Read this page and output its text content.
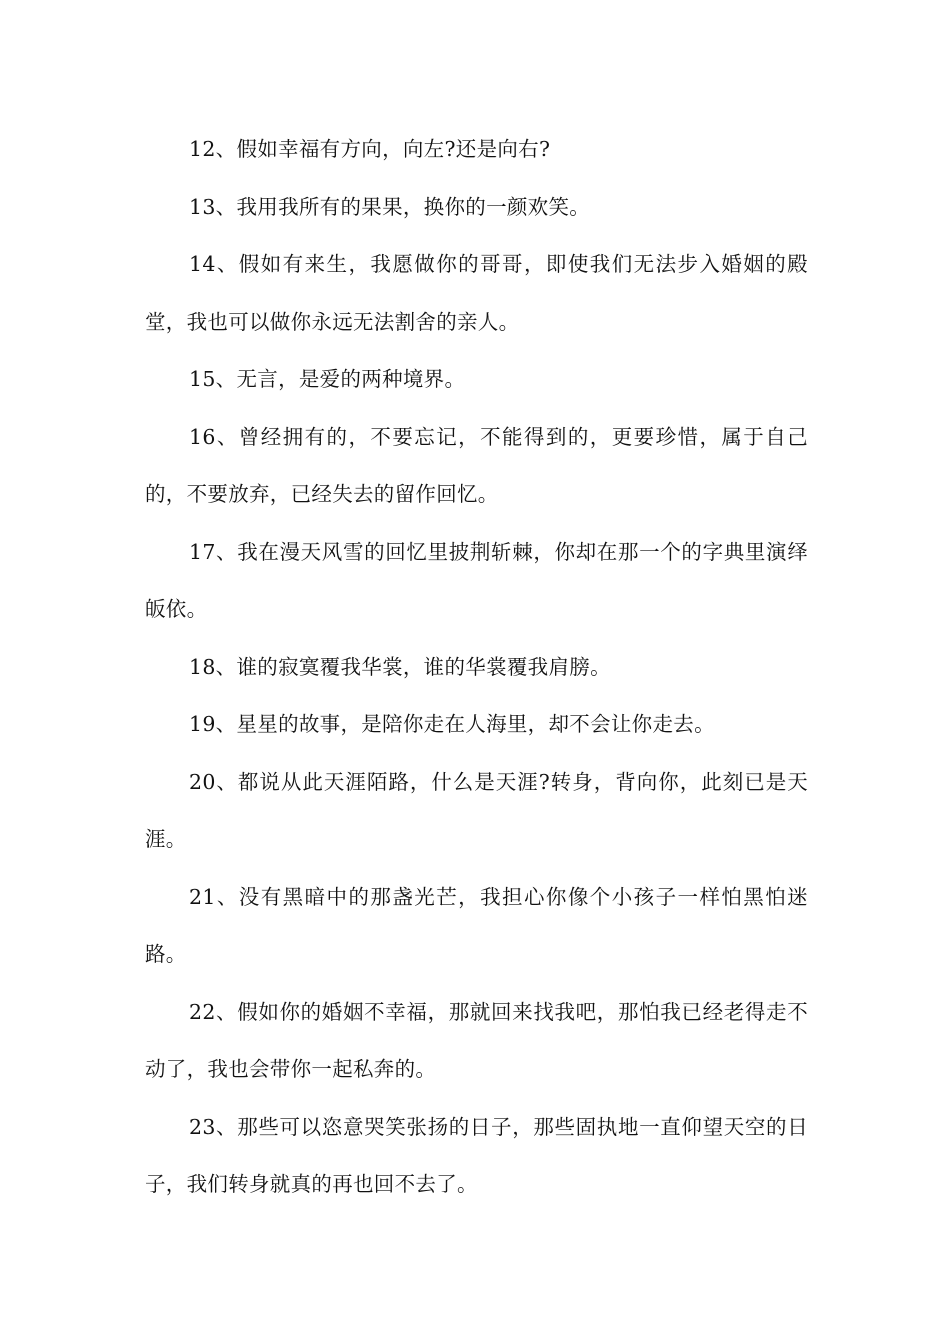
12、假如幸福有方向，向左?还是向右?

13、我用我所有的果果，换你的一颜欢笑。

14、假如有来生，我愿做你的哥哥，即使我们无法步入婚姻的殿堂，我也可以做你永远无法割舍的亲人。

15、无言，是爱的两种境界。

16、曾经拥有的，不要忘记，不能得到的，更要珍惜，属于自己的，不要放弃，已经失去的留作回忆。

17、我在漫天风雪的回忆里披荆斩棘，你却在那一个的字典里演绎皈依。

18、谁的寂寞覆我华裳，谁的华裳覆我肩膀。

19、星星的故事，是陪你走在人海里，却不会让你走去。

20、都说从此天涯陌路，什么是天涯?转身，背向你，此刻已是天涯。

21、没有黑暗中的那盏光芒，我担心你像个小孩子一样怕黑怕迷路。

22、假如你的婚姻不幸福，那就回来找我吧，那怕我已经老得走不动了，我也会带你一起私奔的。

23、那些可以恣意哭笑张扬的日子，那些固执地一直仰望天空的日子，我们转身就真的再也回不去了。
